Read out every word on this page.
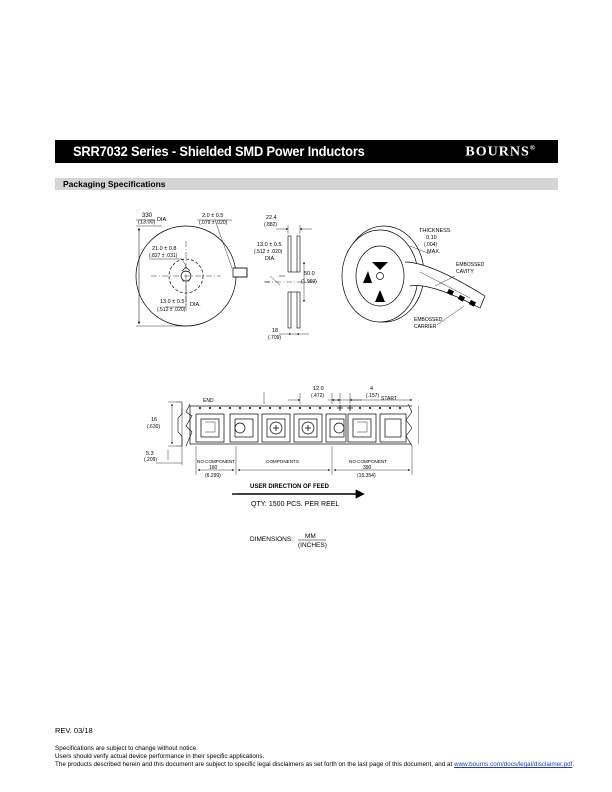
SRR7032 Series - Shielded SMD Power Inductors	BOURNS®
Packaging Specifications
330
(13.00) DIA.
2.0 ± 0.5
(.079 ± .020)
21.0 ± 0.8
(.827 ± .031)
13.0 ± 0.5
(.512 ± .020)
DIA.
22.4
(.882)
13.0 ± 0.5
(.512 ± .020)
DIA.
50.0
(1.969)
18
(.709)
THICKNESS
0.10
(.004)
MAX.
EMBOSSED
CAVITY
EMBOSSED
CARRIER
12.0
(.472)
4
(.157)
END	START
16
(.630)
5.3
(.209)	NO COMPONENT
160
(6.299)
COMPONENTS	NO COMPONENT
390
(15.354)
USER DIRECTION OF FEED
QTY: 1500 PCS. PER REEL
DIMENSIONS: MM
(INCHES)
REV. 03/18
Specifications are subject to change without notice.
Users should verify actual device performance in their specific applications.
The products described herein and this document are subject to specific legal disclaimers as set forth on the last page of this document, and at www.bourns.com/docs/legal/disclaimer.pdf.
